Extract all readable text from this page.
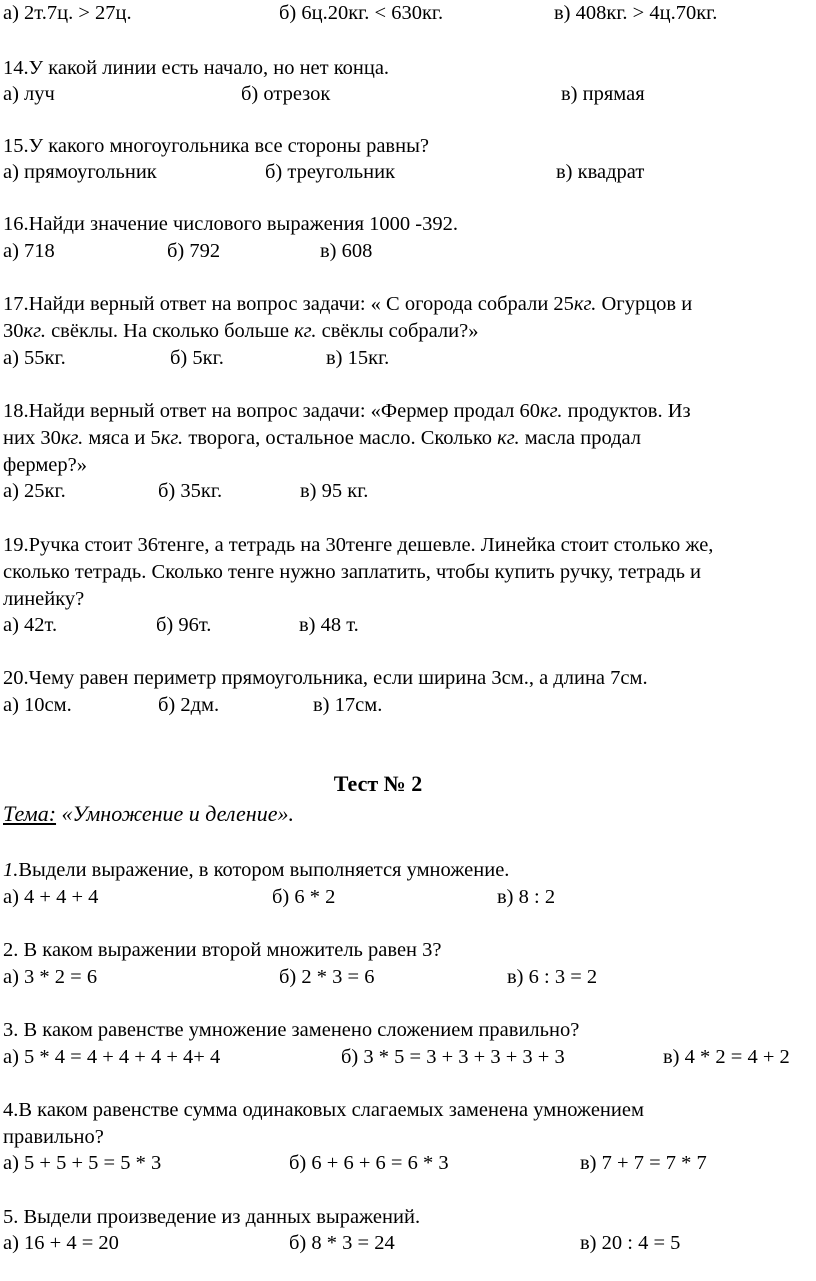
а) 2т.7ц. > 27ц.	б) 6ц.20кг. < 630кг.	в) 408кг. > 4ц.70кг.
14.У какой линии есть начало, но нет конца.
а) луч	б) отрезок	в) прямая
15.У какого многоугольника все стороны равны?
а) прямоугольник	б) треугольник	в) квадрат
16.Найди значение числового выражения 1000 -392.
а) 718	б) 792	в) 608
17.Найди верный ответ на вопрос задачи: « С огорода собрали 25кг. Огурцов и
30кг. свёклы. На сколько больше кг. свёклы собрали?»
а) 55кг.	б) 5кг.	в) 15кг.
18.Найди верный ответ на вопрос задачи: «Фермер продал 60кг. продуктов. Из
них 30кг. мяса и 5кг. творога, остальное масло. Сколько кг. масла продал
фермер?»
а) 25кг.	б) 35кг.	в) 95 кг.
19.Ручка стоит 36тенге, а тетрадь на 30тенге дешевле. Линейка стоит столько же,
сколько тетрадь. Сколько тенге нужно заплатить, чтобы купить ручку, тетрадь и
линейку?
а) 42т.	б) 96т.	в) 48 т.
20.Чему равен периметр прямоугольника, если ширина 3см., а длина 7см.
а) 10см.	б) 2дм.	в) 17см.
Тест № 2
Тема: «Умножение и деление».
1.Выдели выражение, в котором выполняется умножение.
а) 4 + 4 + 4	б) 6 * 2	в) 8 : 2
2. В каком выражении второй множитель равен 3?
а) 3 * 2 = 6	б) 2 * 3 = 6	в) 6 : 3 = 2
3. В каком равенстве умножение заменено сложением правильно?
а) 5 * 4 = 4 + 4 + 4 + 4+ 4	б) 3 * 5 = 3 + 3 + 3 + 3 + 3	в) 4 * 2 = 4 + 2
4.В каком равенстве сумма одинаковых слагаемых заменена умножением
правильно?
а) 5 + 5 + 5 = 5 * 3	б) 6 + 6 + 6 = 6 * 3	в) 7 + 7 = 7 * 7
5. Выдели произведение из данных выражений.
а) 16 + 4 = 20	б) 8 * 3 = 24	в) 20 : 4 = 5
